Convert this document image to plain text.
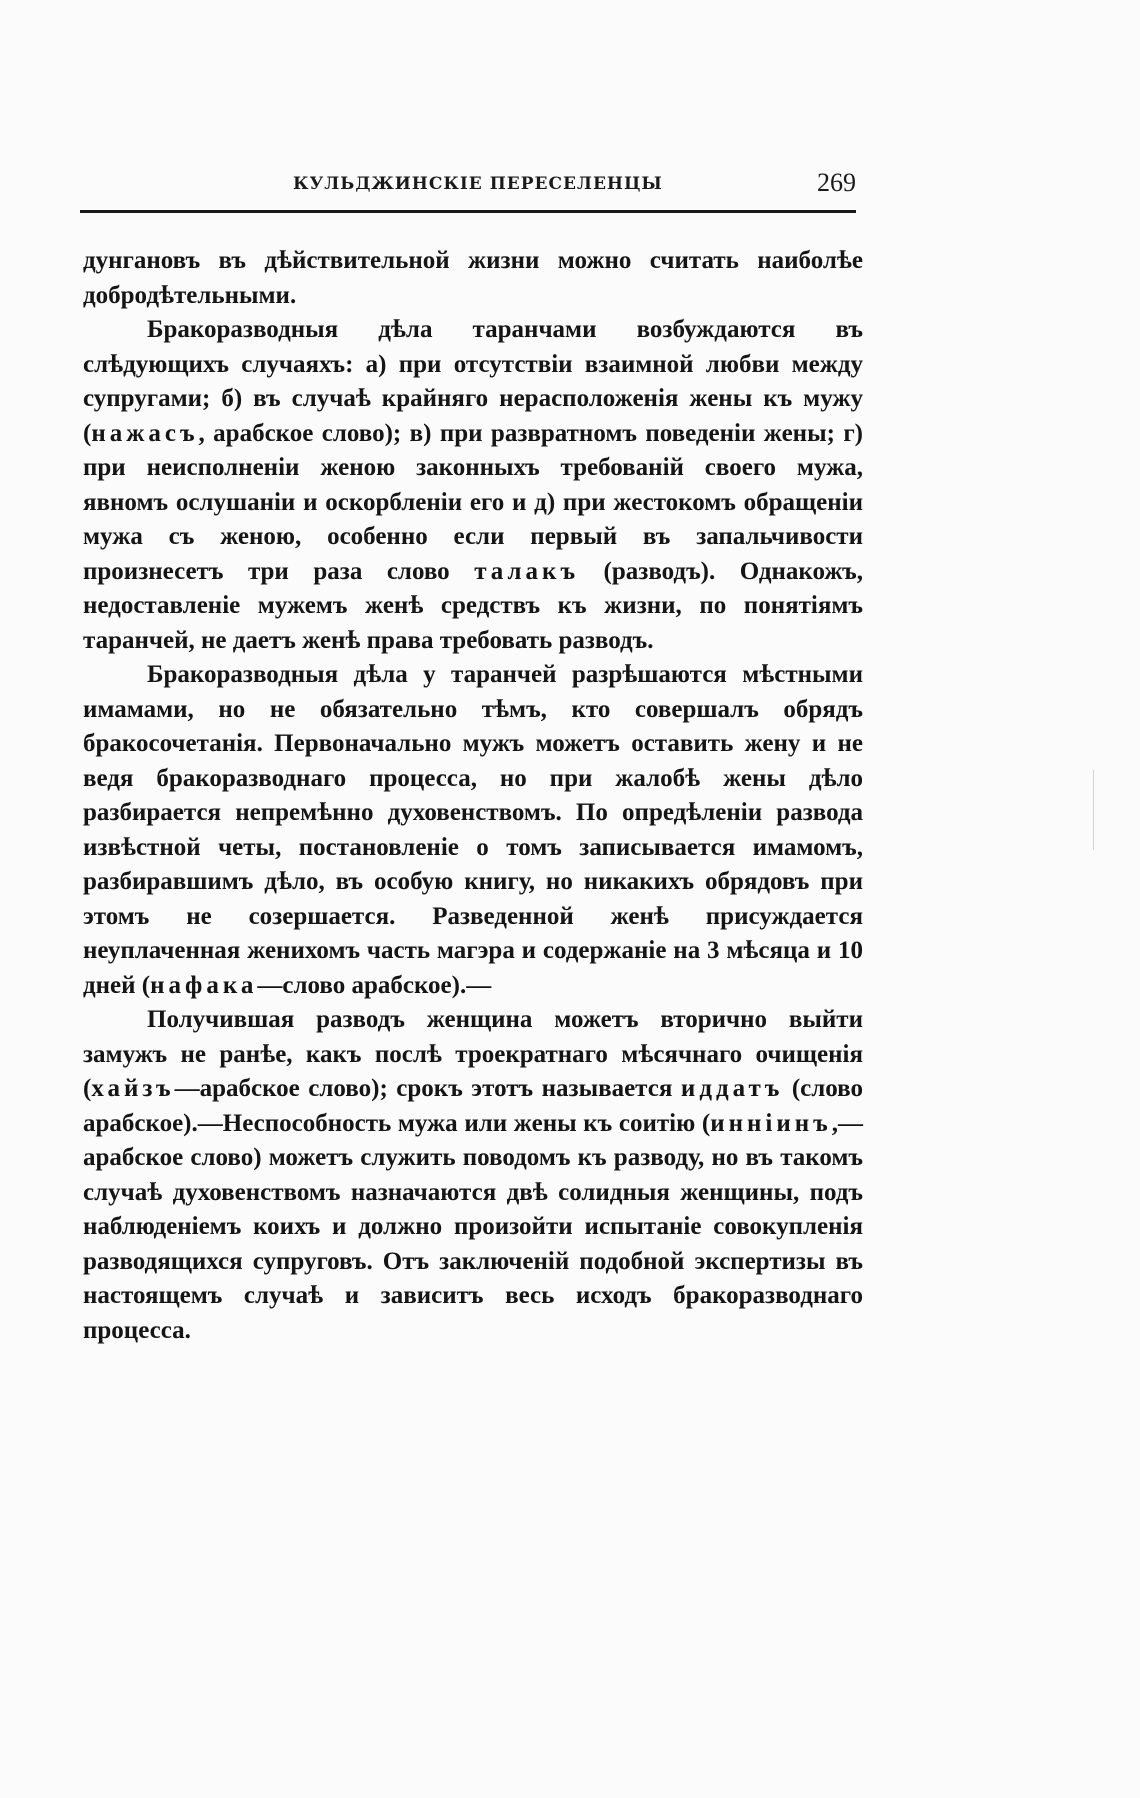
КУЛЬДЖИНСКІЕ ПЕРЕСЕЛЕНЦЫ	269

дунгановъ въ дѣйствительной жизни можно считать наиболѣе добродѣтельными.

Бракоразводныя дѣла таранчами возбуждаются въ слѣдующихъ случаяхъ: а) при отсутствіи взаимной любви между супругами; б) въ случаѣ крайняго нерасположенія жены къ мужу (нажасъ, арабское слово); в) при развратномъ поведеніи жены; г) при неисполненіи женою законныхъ требованій своего мужа, явномъ ослушаніи и оскорбленіи его и д) при жестокомъ обращеніи мужа съ женою, особенно если первый въ запальчивости произнесетъ три раза слово талакъ (разводъ). Однакожъ, недоставленіе мужемъ женѣ средствъ къ жизни, по понятіямъ таранчей, не даетъ женѣ права требовать разводъ.

Бракоразводныя дѣла у таранчей разрѣшаются мѣстными имамами, но не обязательно тѣмъ, кто совершалъ обрядъ бракосочетанія. Первоначально мужъ можетъ оставить жену и не ведя бракоразводнаго процесса, но при жалобѣ жены дѣло разбирается непремѣнно духовенствомъ. По опредѣленіи развода извѣстной четы, постановленіе о томъ записывается имамомъ, разбиравшимъ дѣло, въ особую книгу, но никакихъ обрядовъ при этомъ не созершается. Разведенной женѣ присуждается неуплаченная женихомъ часть магэра и содержаніе на 3 мѣсяца и 10 дней (нафака—слово арабское).—

Получившая разводъ женщина можетъ вторично выйти замужъ не ранѣе, какъ послѣ троекратнаго мѣсячнаго очищенія (хайзъ—арабское слово); срокъ этотъ называется иддатъ (слово арабское).—Неспособность мужа или жены къ соитію (инніинъ,—арабское слово) можетъ служить поводомъ къ разводу, но въ такомъ случаѣ духовенствомъ назначаются двѣ солидныя женщины, подъ наблюденіемъ коихъ и должно произойти испытаніе совокупленія разводящихся супруговъ. Отъ заключеній подобной экспертизы въ настоящемъ случаѣ и зависитъ весь исходъ бракоразводнаго процесса.
